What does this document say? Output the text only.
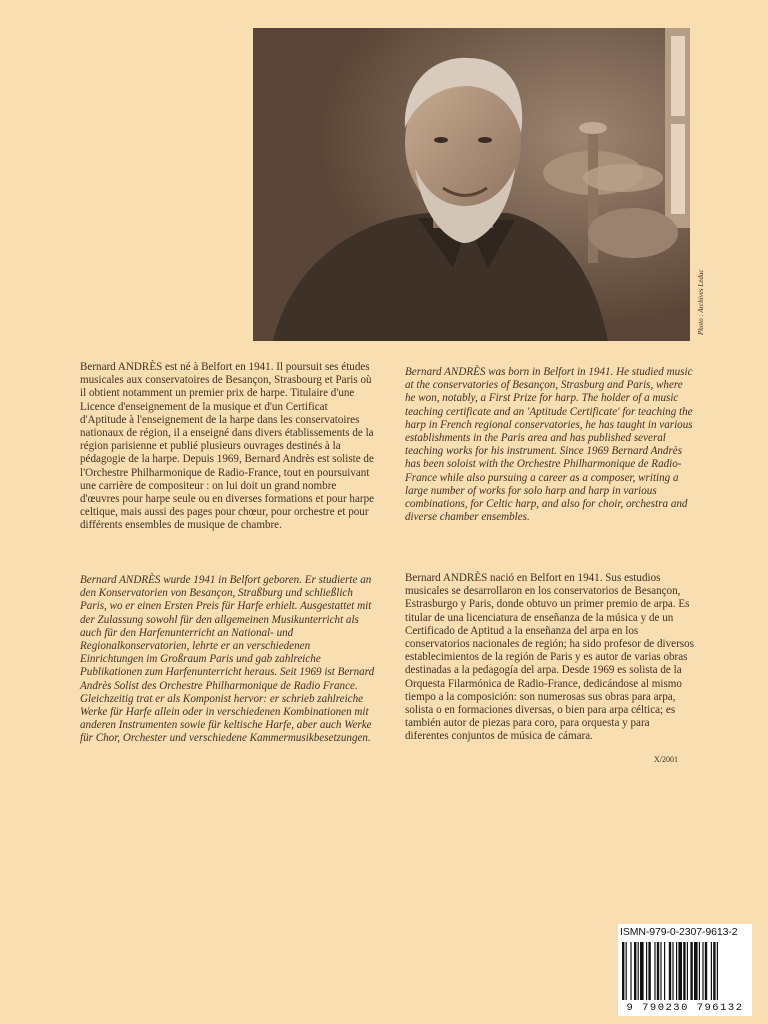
Photo : Archives Leduc

Bernard ANDRÈS est né à Belfort en 1941. Il poursuit ses études musicales aux conservatoires de Besançon, Strasbourg et Paris où il obtient notamment un premier prix de harpe. Titulaire d'une Licence d'enseignement de la musique et d'un Certificat d'Aptitude à l'enseignement de la harpe dans les conservatoires nationaux de région, il a enseigné dans divers établissements de la région parisienne et publié plusieurs ouvrages destinés à la pédagogie de la harpe. Depuis 1969, Bernard Andrès est soliste de l'Orchestre Philharmonique de Radio-France, tout en poursuivant une carrière de compositeur : on lui doit un grand nombre d'œuvres pour harpe seule ou en diverses formations et pour harpe celtique, mais aussi des pages pour chœur, pour orchestre et pour différents ensembles de musique de chambre.

Bernard ANDRÈS was born in Belfort in 1941. He studied music at the conservatories of Besançon, Strasburg and Paris, where he won, notably, a First Prize for harp. The holder of a music teaching certificate and an 'Aptitude Certificate' for teaching the harp in French regional conservatories, he has taught in various establishments in the Paris area and has published several teaching works for his instrument. Since 1969 Bernard Andrès has been soloist with the Orchestre Philharmonique de Radio-France while also pursuing a career as a composer, writing a large number of works for solo harp and harp in various combinations, for Celtic harp, and also for choir, orchestra and diverse chamber ensembles.

Bernard ANDRÈS wurde 1941 in Belfort geboren. Er studierte an den Konservatorien von Besançon, Straßburg und schließlich Paris, wo er einen Ersten Preis für Harfe erhielt. Ausgestattet mit der Zulassung sowohl für den allgemeinen Musikunterricht als auch für den Harfenunterricht an National- und Regionalkonservatorien, lehrte er an verschiedenen Einrichtungen im Großraum Paris und gab zahlreiche Publikationen zum Harfenunterricht heraus. Seit 1969 ist Bernard Andrès Solist des Orchestre Philharmonique de Radio France. Gleichzeitig trat er als Komponist hervor: er schrieb zahlreiche Werke für Harfe allein oder in verschiedenen Kombinationen mit anderen Instrumenten sowie für keltische Harfe, aber auch Werke für Chor, Orchester und verschiedene Kammermusikbesetzungen.

Bernard ANDRÈS nació en Belfort en 1941. Sus estudios musicales se desarrollaron en los conservatorios de Besançon, Estrasburgo y Paris, donde obtuvo un primer premio de arpa. Es titular de una licenciatura de enseñanza de la música y de un Certificado de Aptitud a la enseñanza del arpa en los conservatorios nacionales de región; ha sido profesor de diversos establecimientos de la región de Paris y es autor de varias obras destinadas a la pedagogía del arpa. Desde 1969 es solista de la Orquesta Filarmónica de Radio-France, dedicándose al mismo tiempo a la composición: son numerosas sus obras para arpa, solista o en formaciones diversas, o bien para arpa céltica; es también autor de piezas para coro, para orquesta y para diferentes conjuntos de música de cámara.

X/2001
ISMN-979-0-2307-9613-2
9 790230 796132
